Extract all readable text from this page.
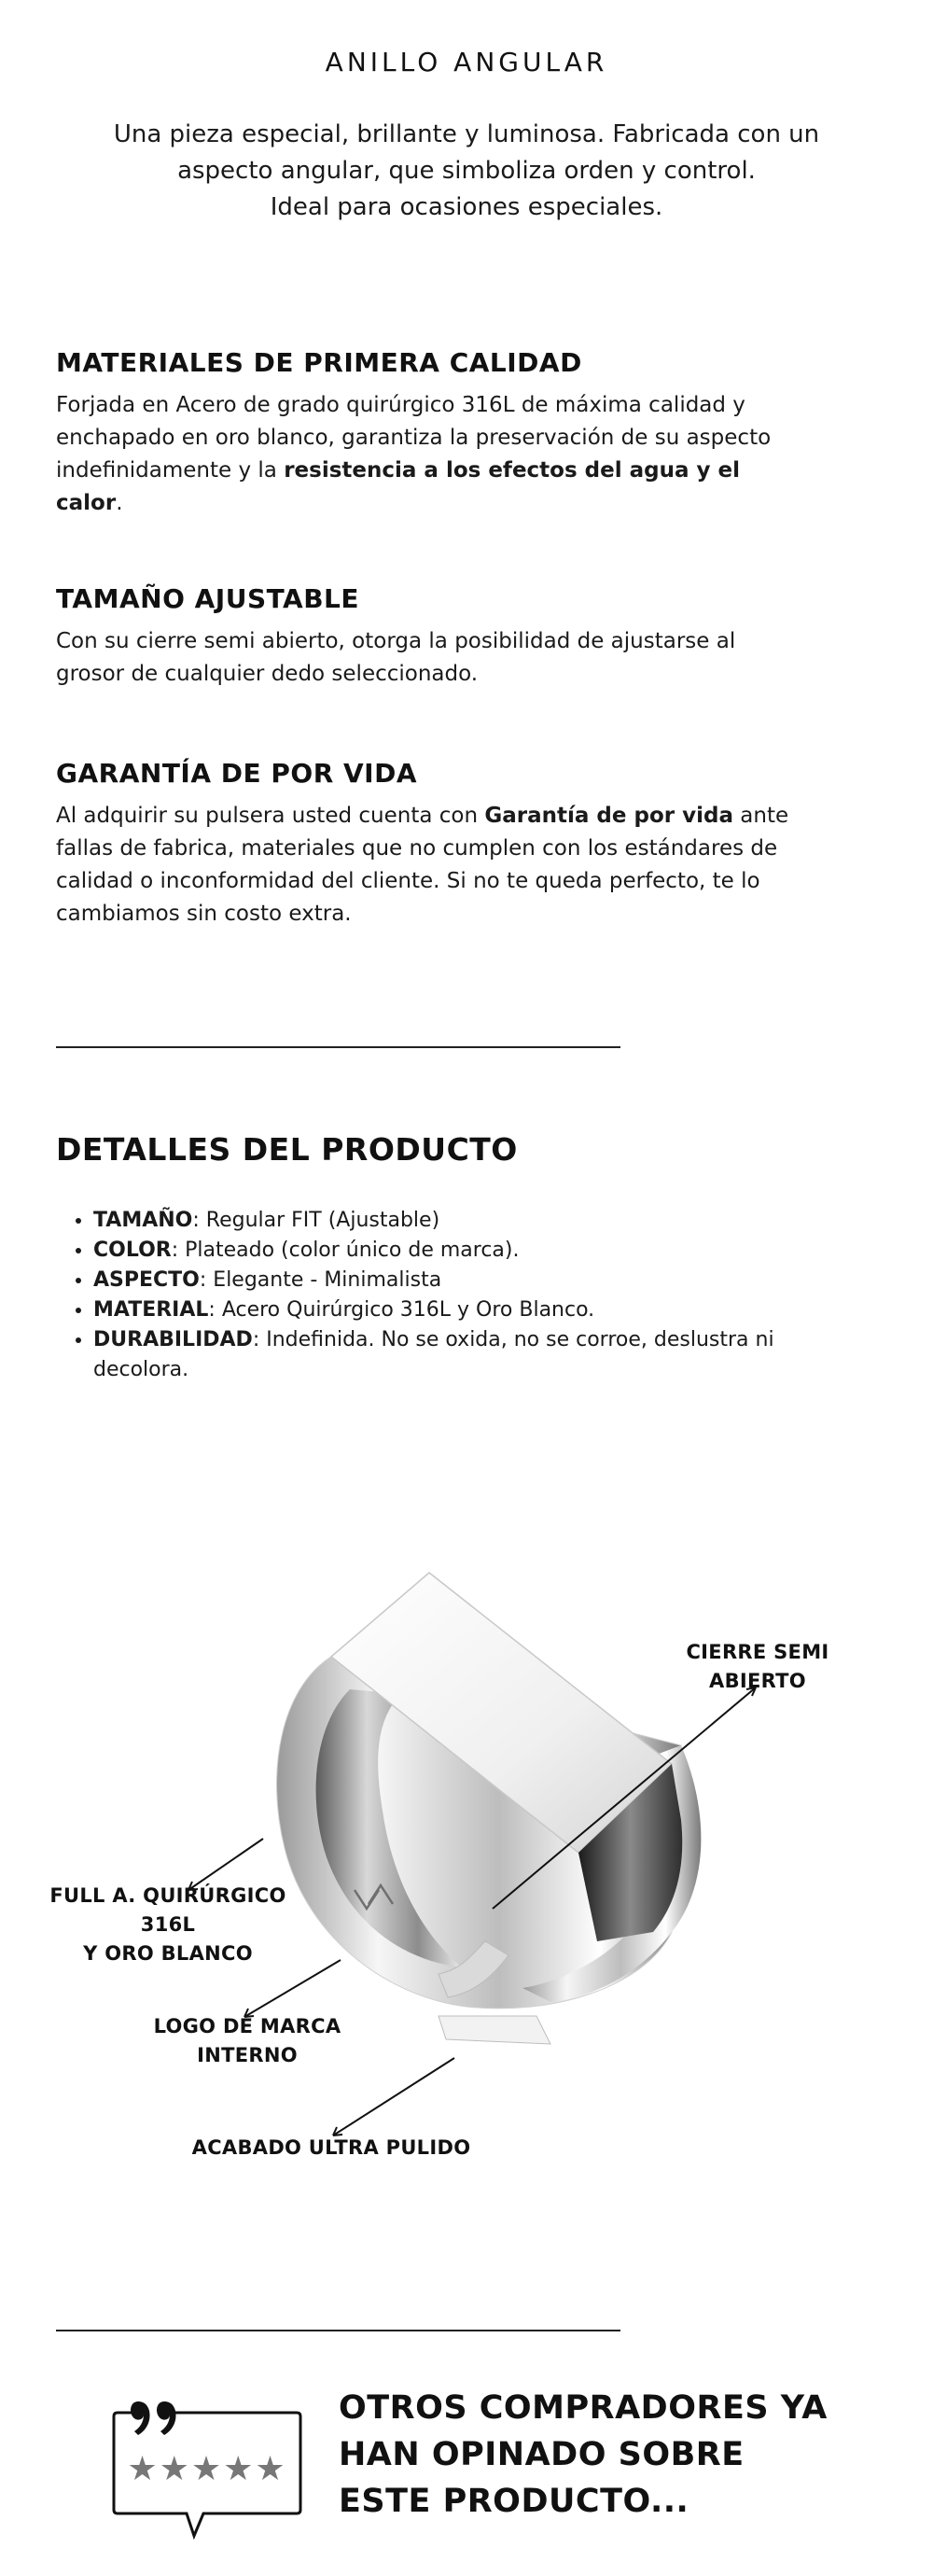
ANILLO ANGULAR
Una pieza especial, brillante y luminosa. Fabricada con un
aspecto angular, que simboliza orden y control.
Ideal para ocasiones especiales.
MATERIALES DE PRIMERA CALIDAD

Forjada en Acero de grado quirúrgico 316L de máxima calidad y enchapado en oro blanco, garantiza la preservación de su aspecto indefinidamente y la resistencia a los efectos del agua y el calor.

TAMAÑO AJUSTABLE

Con su cierre semi abierto, otorga la posibilidad de ajustarse al grosor de cualquier dedo seleccionado.

GARANTÍA DE POR VIDA

Al adquirir su pulsera usted cuenta con Garantía de por vida ante fallas de fabrica, materiales que no cumplen con los estándares de calidad o inconformidad del cliente. Si no te queda perfecto, te lo cambiamos sin costo extra.

DETALLES DEL PRODUCTO
• TAMAÑO: Regular FIT (Ajustable)
• COLOR: Plateado (color único de marca).
• ASPECTO: Elegante - Minimalista
• MATERIAL: Acero Quirúrgico 316L y Oro Blanco.
• DURABILIDAD: Indefinida. No se oxida, no se corroe, deslustra ni decolora.
CIERRE SEMI ABIERTO
FULL A. QUIRÚRGICO 316L
Y ORO BLANCO
LOGO DE MARCA INTERNO
ACABADO ULTRA PULIDO
★★★★★
OTROS COMPRADORES YA
HAN OPINADO SOBRE
ESTE PRODUCTO...
